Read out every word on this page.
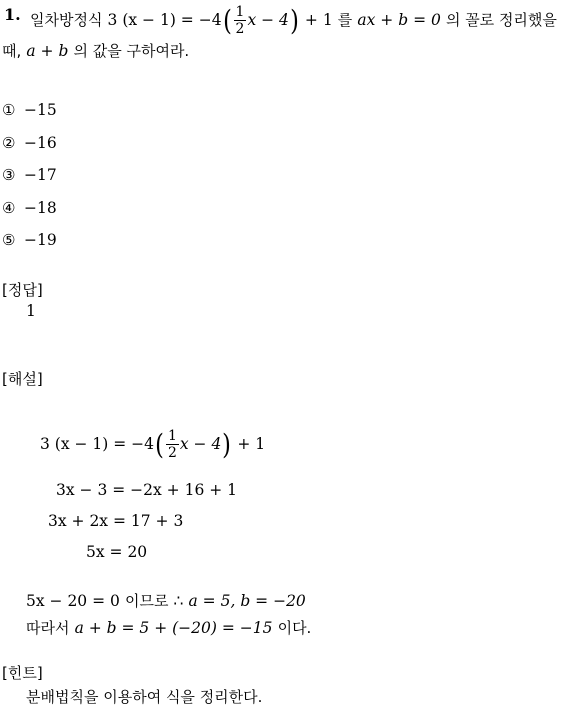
1. 일차방정식 3 $(x - 1) = -4( \frac{1}{2}$ x − 4) + 1 를 ax + b = 0 의 꼴로 정리했을
때, a + b 의 값을 구하여라.
① −15
② −16
③ −17
④ −18
⑤ −19
[정답]
1
[해설]
3 $(x - 1) = -4( \frac{1}{2}$ x − 4) + 1
3x − 3 = −2x + 16 + 1
3x + 2x = 17 + 3
5x = 20
5x − 20 = 0 이므로 ∴ a = 5, b = −20
따라서 a + b = 5 + (−20) = −15 이다.
[힌트]
분배법칙을 이용하여 식을 정리한다.
